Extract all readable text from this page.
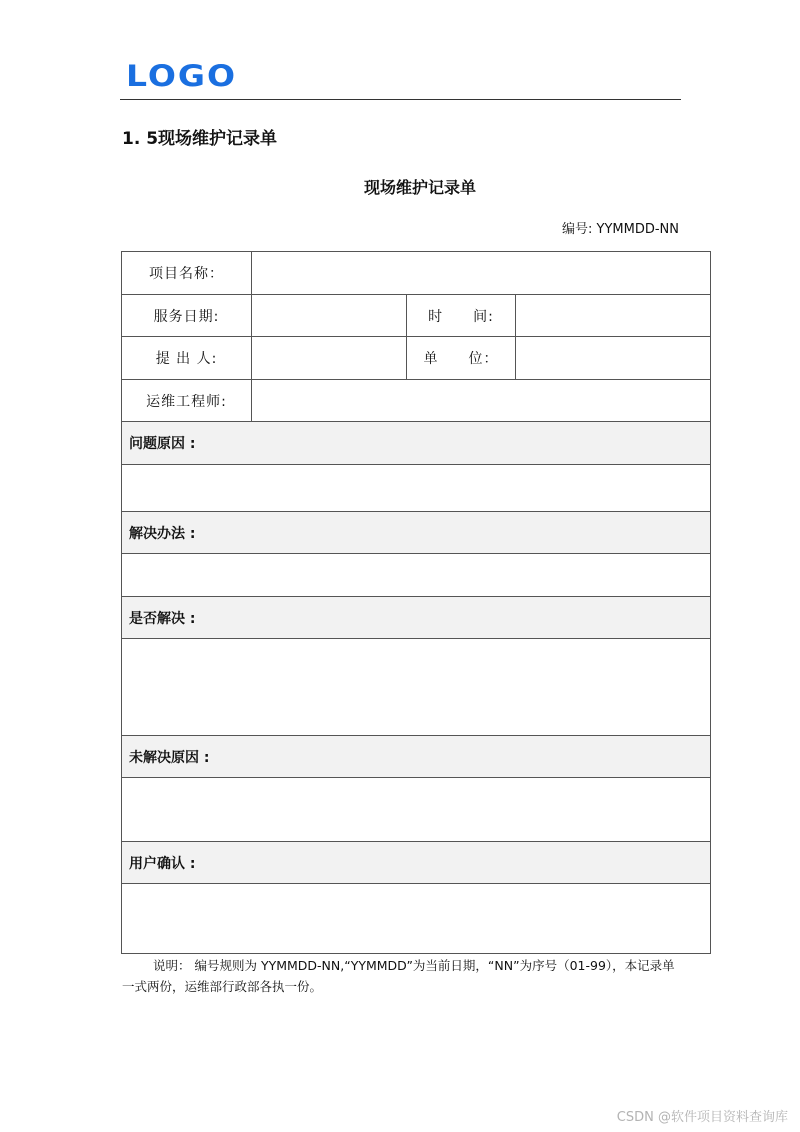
LOGO
1. 5现场维护记录单
现场维护记录单
编号: YYMMDD-NN
项目名称：			
服务日期:		时　　间:	
提 出 人:		单　　位：	
运维工程师:			
问题原因 :			

解决办法 :			

是否解决 :			

未解决原因 :			

用户确认 :			

说明： 编号规则为 YYMMDD-NN,“YYMMDD”为当前日期，“NN”为序号（01-99），本记录单一式两份，运维部行政部各执一份。
CSDN @软件项目资料查询库
